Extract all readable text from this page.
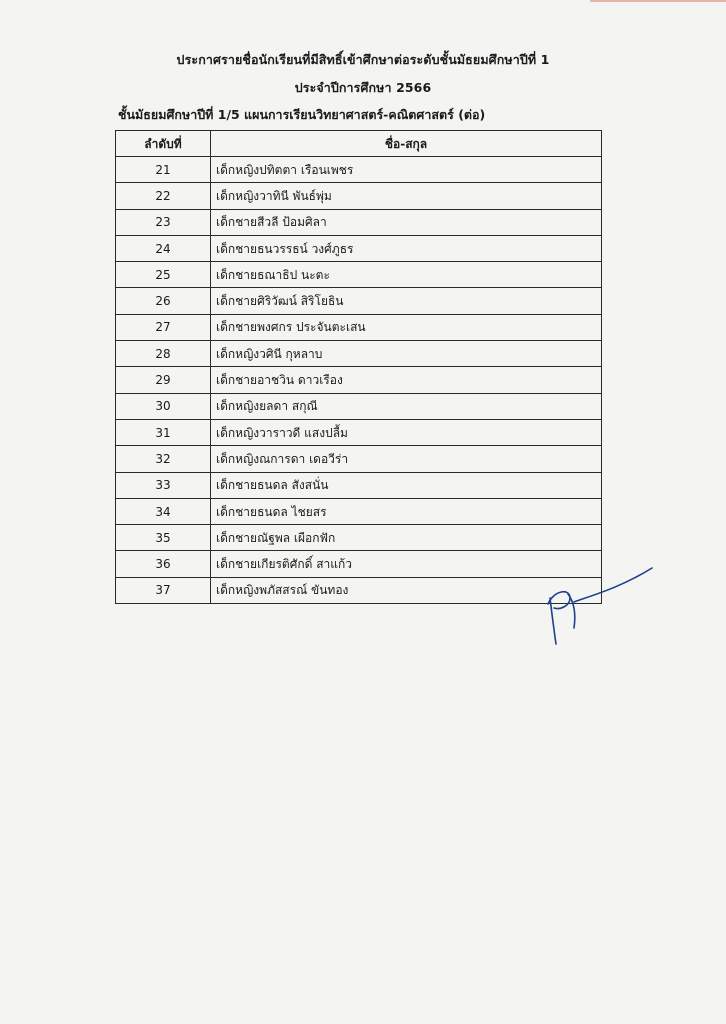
ประกาศรายชื่อนักเรียนที่มีสิทธิ์เข้าศึกษาต่อระดับชั้นมัธยมศึกษาปีที่ 1
ประจำปีการศึกษา 2566
ชั้นมัธยมศึกษาปีที่ 1/5 แผนการเรียนวิทยาศาสตร์-คณิตศาสตร์ (ต่อ)
ลำดับที่	ชื่อ-สกุล
21	เด็กหญิงปทิตตา เรือนเพชร
22	เด็กหญิงวาทินี พันธ์พุ่ม
23	เด็กชายสีวลี ป้อมศิลา
24	เด็กชายธนวรรธน์ วงศ์ภูธร
25	เด็กชายธณาธิป นะตะ
26	เด็กชายศิริวัฒน์ สิริโยธิน
27	เด็กชายพงศกร ประจันตะเสน
28	เด็กหญิงวศินี กุหลาบ
29	เด็กชายอาชวิน ดาวเรือง
30	เด็กหญิงยลดา สกุณี
31	เด็กหญิงวาราวดี แสงปลื้ม
32	เด็กหญิงณการดา เดอวีร่า
33	เด็กชายธนดล สังสนั่น
34	เด็กชายธนดล ไชยสร
35	เด็กชายณัฐพล เผือกฟัก
36	เด็กชายเกียรติศักดิ์ สาแก้ว
37	เด็กหญิงพภัสสรณ์ ขันทอง
